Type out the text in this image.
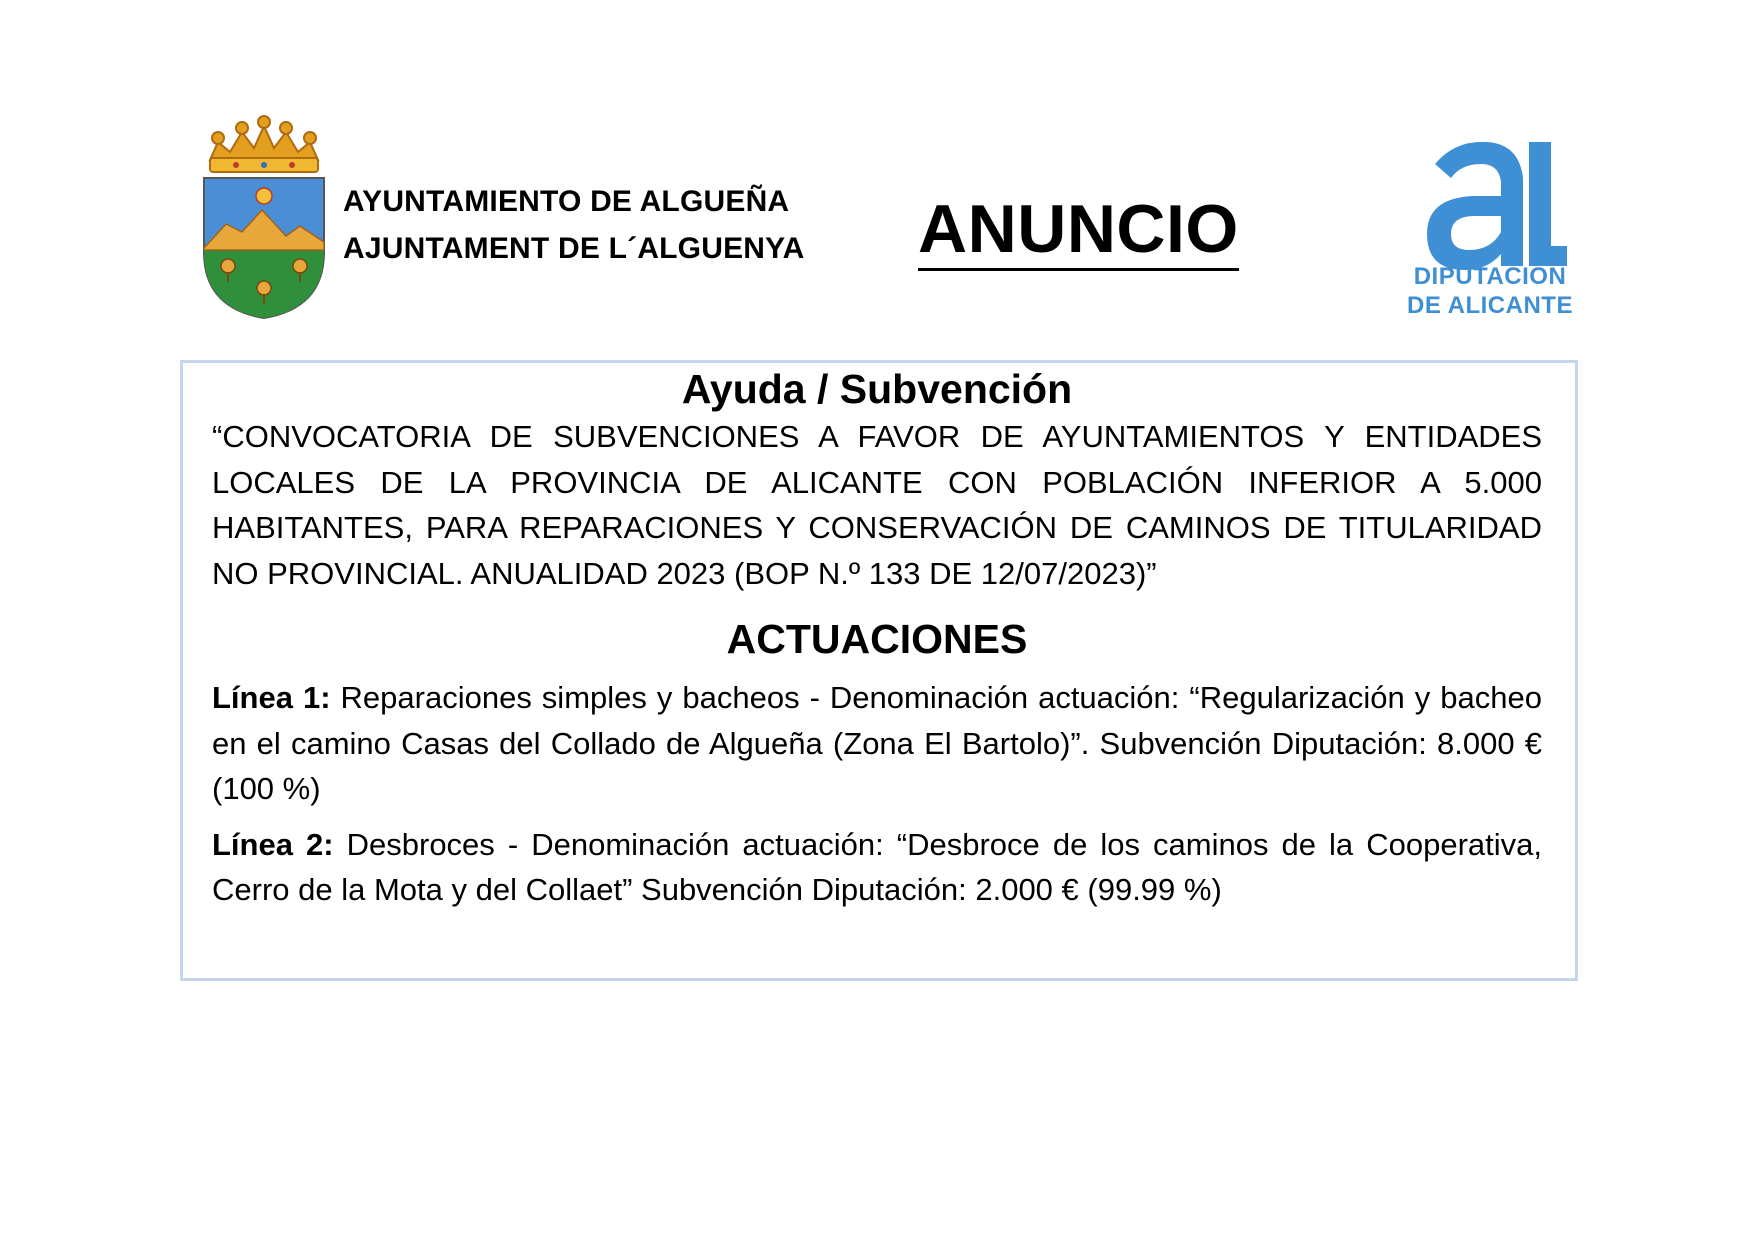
AYUNTAMIENTO DE ALGUEÑA
AJUNTAMENT DE L´ALGUENYA ANUNCIO
DIPUTACIÓN
DE ALICANTE
Ayuda / Subvención
“CONVOCATORIA DE SUBVENCIONES A FAVOR DE AYUNTAMIENTOS Y ENTIDADES LOCALES DE LA PROVINCIA DE ALICANTE CON POBLACIÓN INFERIOR A 5.000 HABITANTES, PARA REPARACIONES Y CONSERVACIÓN DE CAMINOS DE TITULARIDAD NO PROVINCIAL. ANUALIDAD 2023 (BOP N.º 133 DE 12/07/2023)”
ACTUACIONES
Línea 1: Reparaciones simples y bacheos - Denominación actuación: “Regularización y bacheo en el camino Casas del Collado de Algueña (Zona El Bartolo)”. Subvención Diputación: 8.000 € (100 %)
Línea 2: Desbroces - Denominación actuación: “Desbroce de los caminos de la Cooperativa, Cerro de la Mota y del Collaet” Subvención Diputación: 2.000 € (99.99 %)
